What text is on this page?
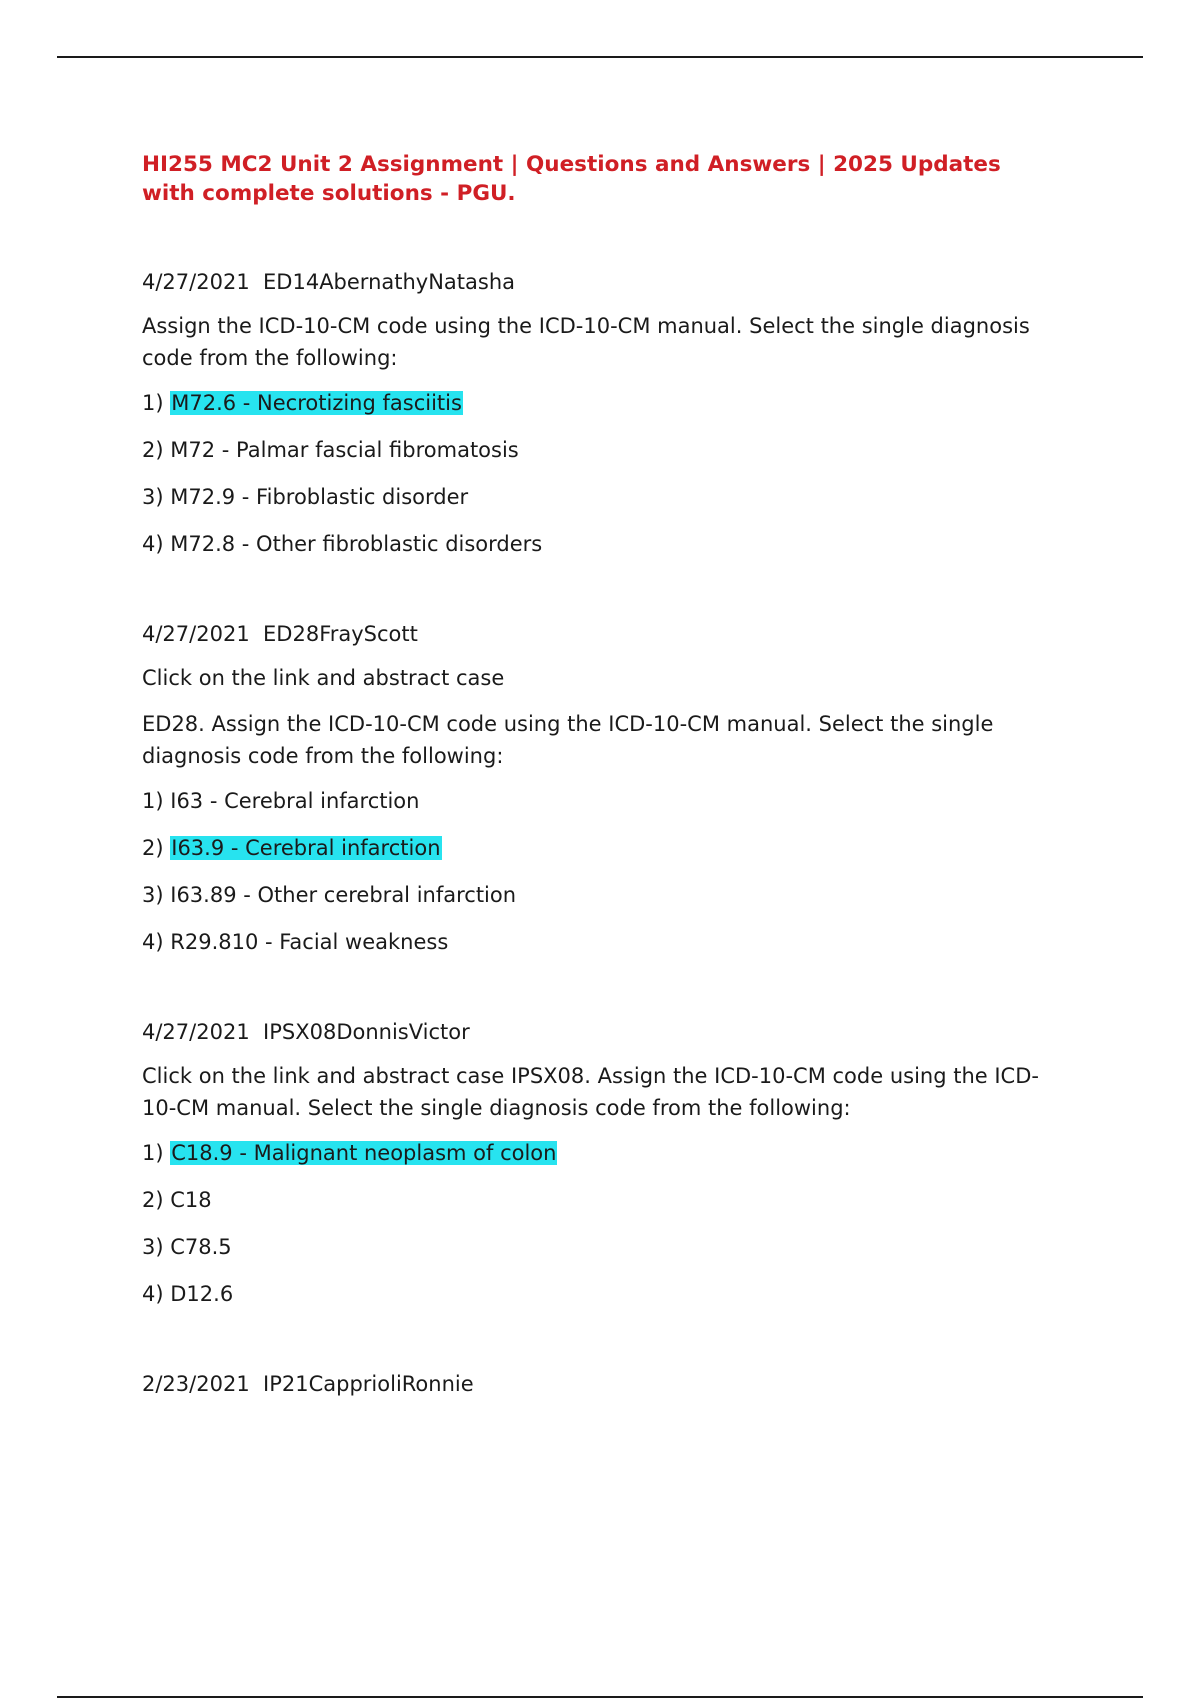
HI255 MC2 Unit 2 Assignment | Questions and Answers | 2025 Updates with complete solutions - PGU.

4/27/2021  ED14AbernathyNatasha

Assign the ICD-10-CM code using the ICD-10-CM manual. Select the single diagnosis code from the following:

1) M72.6 - Necrotizing fasciitis

2) M72 - Palmar fascial fibromatosis

3) M72.9 - Fibroblastic disorder

4) M72.8 - Other fibroblastic disorders

4/27/2021  ED28FrayScott

Click on the link and abstract case

ED28. Assign the ICD-10-CM code using the ICD-10-CM manual. Select the single diagnosis code from the following:

1) I63 - Cerebral infarction

2) I63.9 - Cerebral infarction

3) I63.89 - Other cerebral infarction

4) R29.810 - Facial weakness

4/27/2021  IPSX08DonnisVictor

Click on the link and abstract case IPSX08. Assign the ICD-10-CM code using the ICD-10-CM manual. Select the single diagnosis code from the following:

1) C18.9 - Malignant neoplasm of colon

2) C18

3) C78.5

4) D12.6

2/23/2021  IP21CapprioliRonnie
